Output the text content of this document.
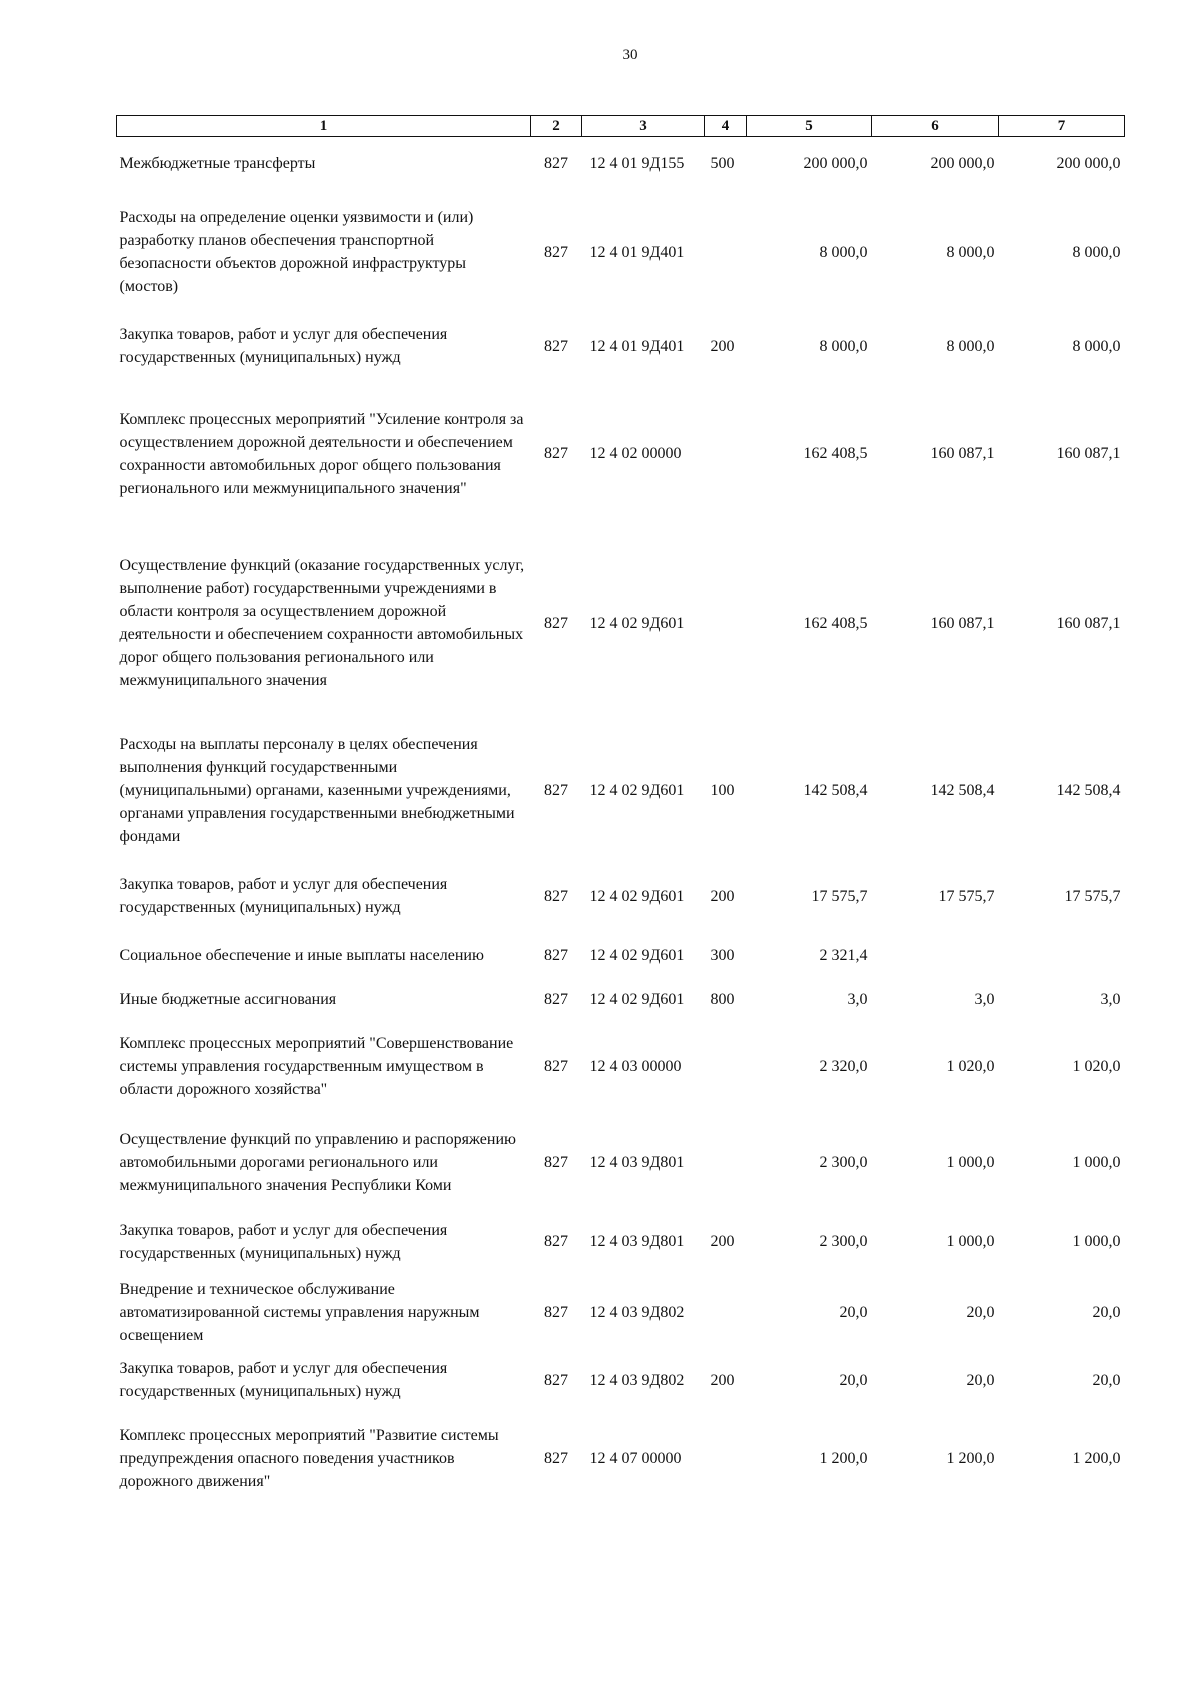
30
1	2	3	4	5	6	7
Межбюджетные трансферты	827	12 4 01 9Д155	500	200 000,0	200 000,0	200 000,0
Расходы на определение оценки уязвимости и (или) разработку планов обеспечения транспортной безопасности объектов дорожной инфраструктуры (мостов)	827	12 4 01 9Д401		8 000,0	8 000,0	8 000,0
Закупка товаров, работ и услуг для обеспечения государственных (муниципальных) нужд	827	12 4 01 9Д401	200	8 000,0	8 000,0	8 000,0
Комплекс процессных мероприятий "Усиление контроля за осуществлением дорожной деятельности и обеспечением сохранности автомобильных дорог общего пользования регионального или межмуниципального значения"	827	12 4 02 00000		162 408,5	160 087,1	160 087,1
Осуществление функций (оказание государственных услуг, выполнение работ) государственными учреждениями в области контроля за осуществлением дорожной деятельности и обеспечением сохранности автомобильных дорог общего пользования регионального или межмуниципального значения	827	12 4 02 9Д601		162 408,5	160 087,1	160 087,1
Расходы на выплаты персоналу в целях обеспечения выполнения функций государственными (муниципальными) органами, казенными учреждениями, органами управления государственными внебюджетными фондами	827	12 4 02 9Д601	100	142 508,4	142 508,4	142 508,4
Закупка товаров, работ и услуг для обеспечения государственных (муниципальных) нужд	827	12 4 02 9Д601	200	17 575,7	17 575,7	17 575,7
Социальное обеспечение и иные выплаты населению	827	12 4 02 9Д601	300	2 321,4		
Иные бюджетные ассигнования	827	12 4 02 9Д601	800	3,0	3,0	3,0
Комплекс процессных мероприятий "Совершенствование системы управления государственным имуществом в области дорожного хозяйства"	827	12 4 03 00000		2 320,0	1 020,0	1 020,0
Осуществление функций по управлению и распоряжению автомобильными дорогами регионального или межмуниципального значения Республики Коми	827	12 4 03 9Д801		2 300,0	1 000,0	1 000,0
Закупка товаров, работ и услуг для обеспечения государственных (муниципальных) нужд	827	12 4 03 9Д801	200	2 300,0	1 000,0	1 000,0
Внедрение и техническое обслуживание автоматизированной системы управления наружным освещением	827	12 4 03 9Д802		20,0	20,0	20,0
Закупка товаров, работ и услуг для обеспечения государственных (муниципальных) нужд	827	12 4 03 9Д802	200	20,0	20,0	20,0
Комплекс процессных мероприятий "Развитие системы предупреждения опасного поведения участников дорожного движения"	827	12 4 07 00000		1 200,0	1 200,0	1 200,0
